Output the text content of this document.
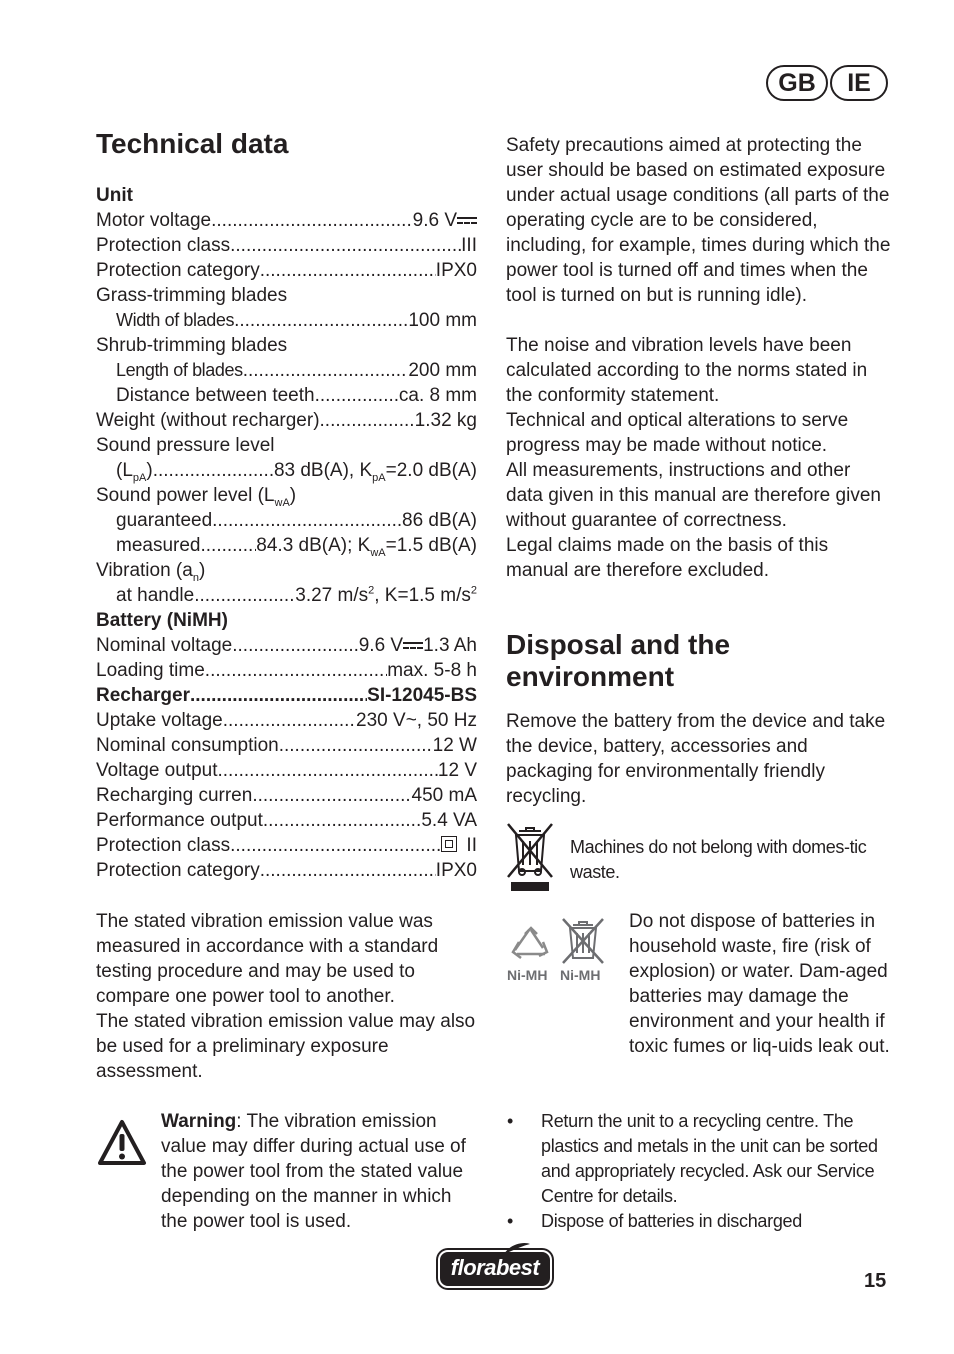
GB	IE
Technical data
Unit
Motor voltage .....	9.6 V
Protection class .....	III
Protection category .....	IPX0
Grass-trimming blades
Width of blades .....	100 mm
Shrub-trimming blades
Length of blades .....	200 mm
Distance between teeth .....	ca. 8 mm
Weight (without recharger) .....	1.32 kg
Sound pressure level
$(L_{pA})$ .....	83 dB(A), $K_{pA}=2.0$ dB(A)
Sound power level $(L_{wA})$
guaranteed .....	86 dB(A)
measured .....	84.3 dB(A); $K_{wA}=1.5$ dB(A)
Vibration $(a_n)$
at handle .....	3.27 $m/s^2$, K=1.5 $m/s^2$
Battery (NiMH)
Nominal voltage .....	9.6 V 1.3 Ah
Loading time .....	max. 5-8 h
Recharger .....	SI-12045-BS
Uptake voltage .....	230 V~, 50 Hz
Nominal consumption .....	12 W
Voltage output .....	12 V
Recharging curren .....	450 mA
Performance output .....	5.4 VA
Protection class .....	II
Protection category .....	IPX0

The stated vibration emission value was measured in accordance with a standard testing procedure and may be used to compare one power tool to another.

The stated vibration emission value may also be used for a preliminary exposure assessment.

Warning: The vibration emission value may differ during actual use of the power tool from the stated value depending on the manner in which the power tool is used.

Safety precautions aimed at protecting the user should be based on estimated exposure under actual usage conditions (all parts of the operating cycle are to be considered, including, for example, times during which the power tool is turned off and times when the tool is turned on but is running idle).

The noise and vibration levels have been calculated according to the norms stated in the conformity statement.

Technical and optical alterations to serve progress may be made without notice.

All measurements, instructions and other data given in this manual are therefore given without guarantee of correctness.

Legal claims made on the basis of this manual are therefore excluded.

Disposal and the environment

Remove the battery from the device and take the device, battery, accessories and packaging for environmentally friendly recycling.

Machines do not belong with domes-tic waste.
Ni-MH Ni-MH
Do not dispose of batteries in household waste, fire (risk of explosion) or water. Dam-aged batteries may damage the environment and your health if toxic fumes or liq-uids leak out.
• Return the unit to a recycling centre. The plastics and metals in the unit can be sorted and appropriately recycled. Ask our Service Centre for details.
• Dispose of batteries in discharged
florabest
15
